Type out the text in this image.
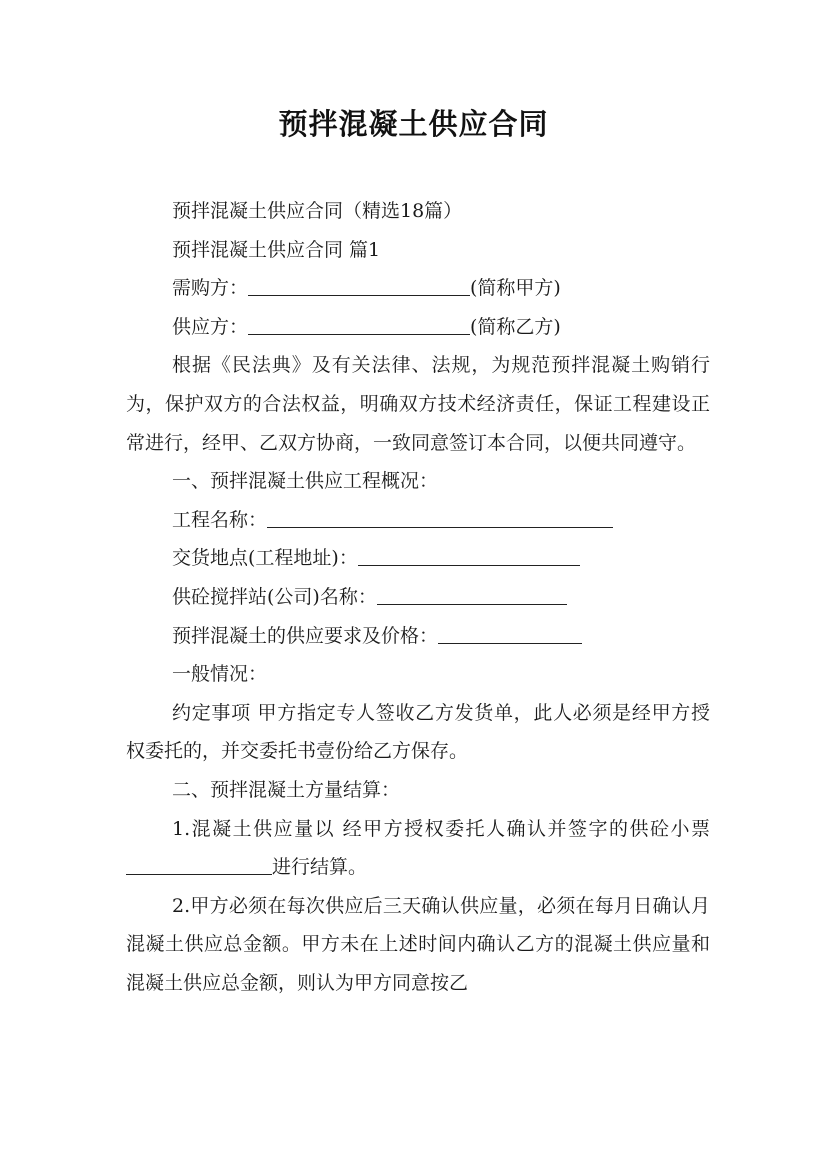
预拌混凝土供应合同
预拌混凝土供应合同（精选18篇）
预拌混凝土供应合同 篇1
需购方：	(简称甲方)
供应方：	(简称乙方)
根据《民法典》及有关法律、法规，为规范预拌混凝土购销行为，保护双方的合法权益，明确双方技术经济责任，保证工程建设正常进行，经甲、乙双方协商，一致同意签订本合同，以便共同遵守。
一、预拌混凝土供应工程概况：
工程名称：
交货地点(工程地址)：
供砼搅拌站(公司)名称：
预拌混凝土的供应要求及价格：
一般情况：
约定事项 甲方指定专人签收乙方发货单，此人必须是经甲方授权委托的，并交委托书壹份给乙方保存。
二、预拌混凝土方量结算：
1.混凝土供应量以 经甲方授权委托人确认并签字的供砼小票进行结算。
2.甲方必须在每次供应后三天确认供应量，必须在每月日确认月混凝土供应总金额。甲方未在上述时间内确认乙方的混凝土供应量和混凝土供应总金额，则认为甲方同意按乙
